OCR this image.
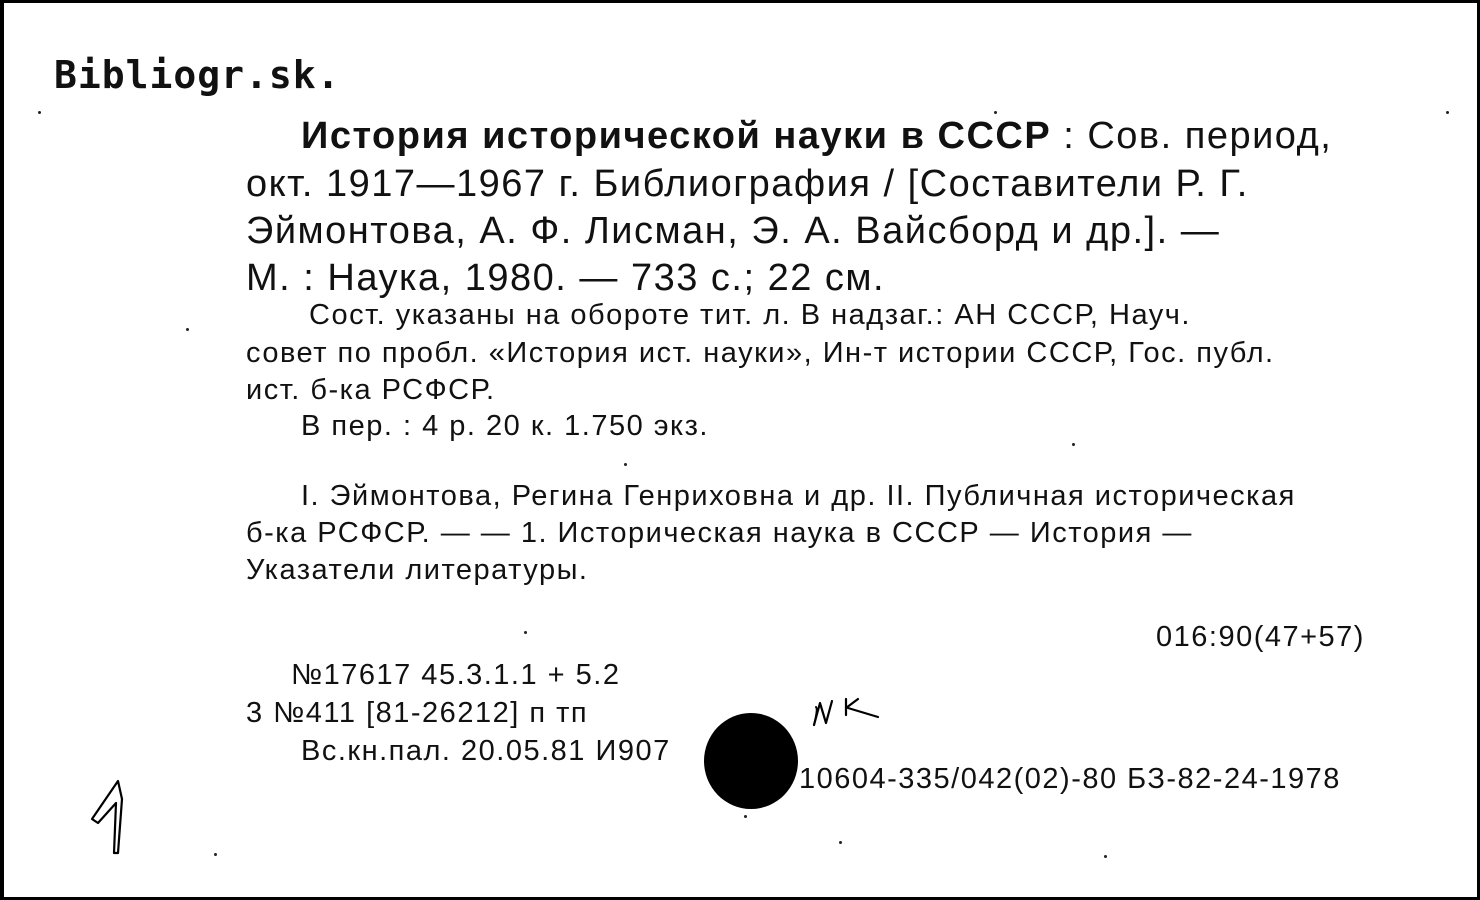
Bibliogr.sk.
История исторической науки в СССР : Сов. период,
окт. 1917—1967 г. Библиография / [Составители Р. Г.
Эймонтова, А. Ф. Лисман, Э. А. Вайсборд и др.]. —
М. : Наука, 1980. — 733 с.; 22 см.
Сост. указаны на обороте тит. л. В надзаг.: АН СССР, Науч.
совет по пробл. «История ист. науки», Ин-т истории СССР, Гос. публ.
ист. б-ка РСФСР.
В пер. : 4 р. 20 к. 1.750 экз.
I. Эймонтова, Регина Генриховна и др. II. Публичная историческая
б-ка РСФСР. — — 1. Историческая наука в СССР — История —
Указатели литературы.
016:90(47+57)
№17617 45.3.1.1 + 5.2
3 №411 [81-26212] п тп
Вс.кн.пал. 20.05.81 И907
10604-335/042(02)-80 БЗ-82-24-1978
